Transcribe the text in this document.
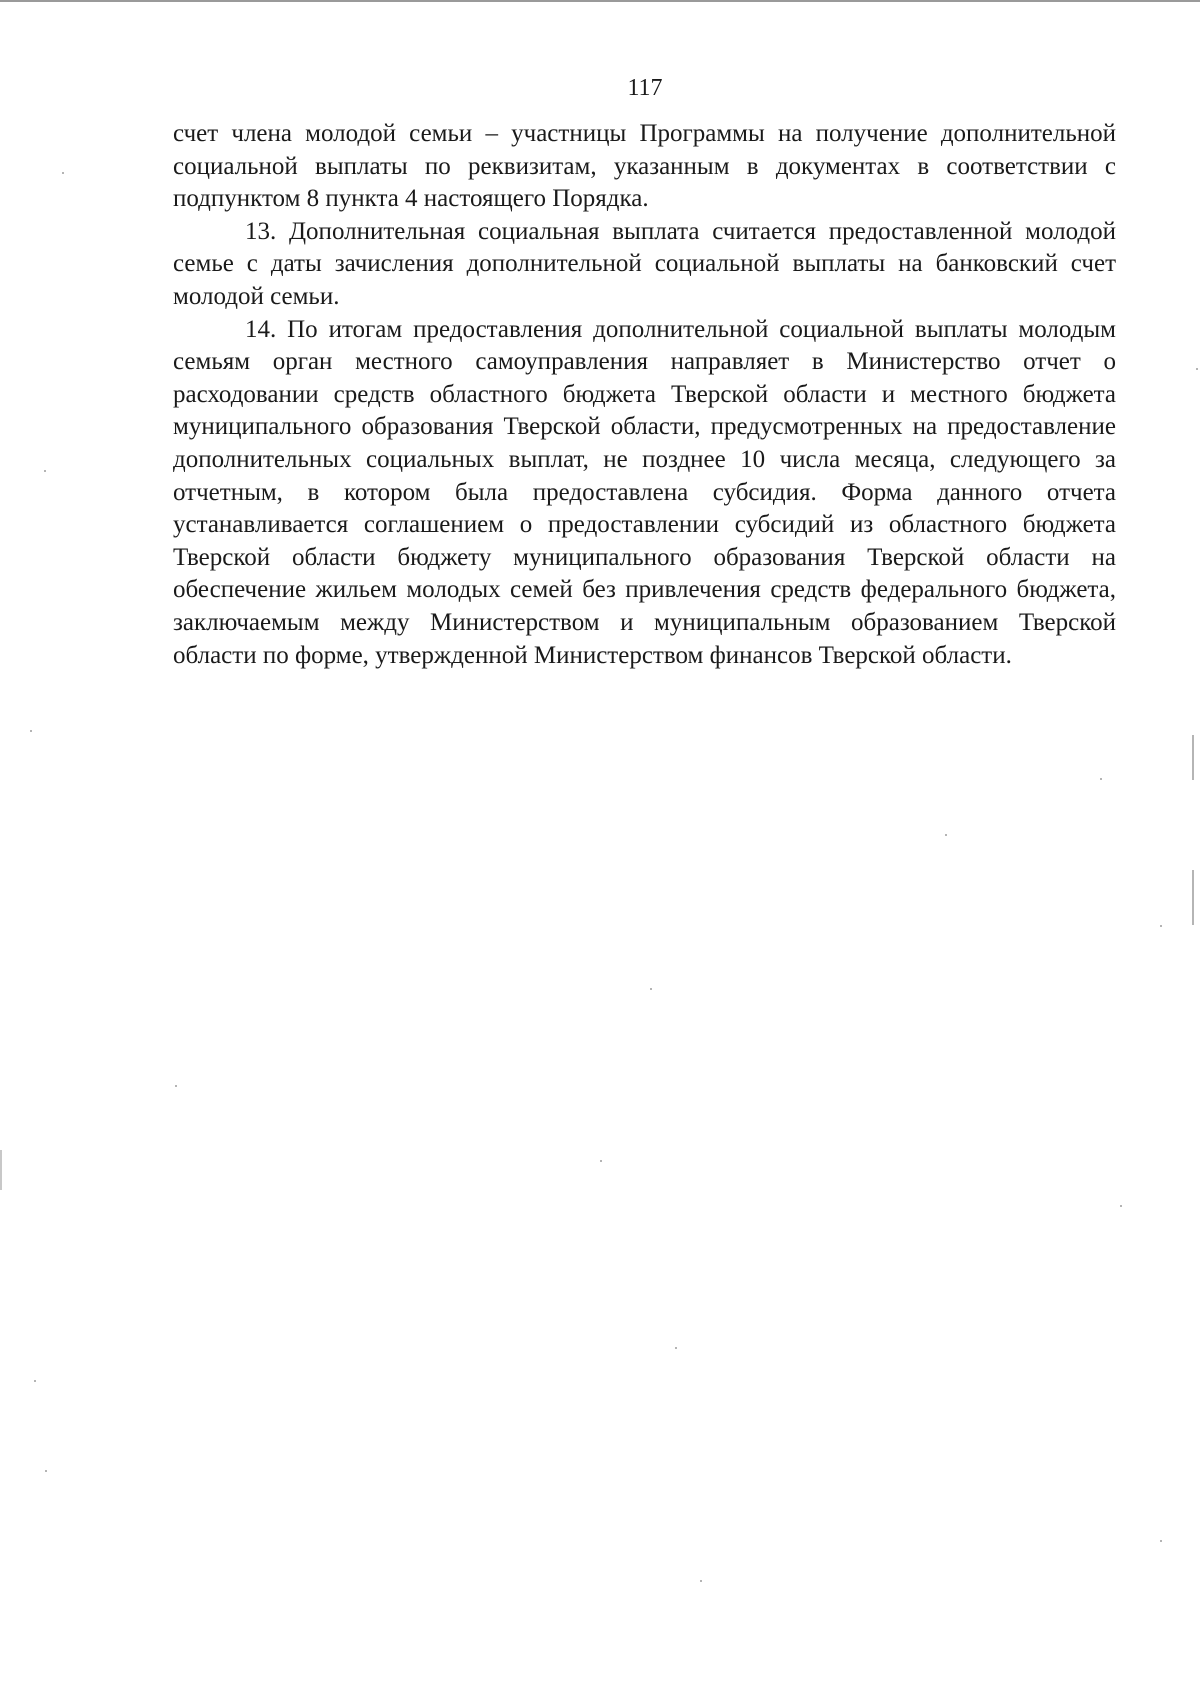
117

счет члена молодой семьи – участницы Программы на получение дополнительной социальной выплаты по реквизитам, указанным в документах в соответствии с подпунктом 8 пункта 4 настоящего Порядка.

13. Дополнительная социальная выплата считается предоставленной молодой семье с даты зачисления дополнительной социальной выплаты на банковский счет молодой семьи.

14. По итогам предоставления дополнительной социальной выплаты молодым семьям орган местного самоуправления направляет в Министерство отчет о расходовании средств областного бюджета Тверской области и местного бюджета муниципального образования Тверской области, предусмотренных на предоставление дополнительных социальных выплат, не позднее 10 числа месяца, следующего за отчетным, в котором была предоставлена субсидия. Форма данного отчета устанавливается соглашением о предоставлении субсидий из областного бюджета Тверской области бюджету муниципального образования Тверской области на обеспечение жильем молодых семей без привлечения средств федерального бюджета, заключаемым между Министерством и муниципальным образованием Тверской области по форме, утвержденной Министерством финансов Тверской области.
